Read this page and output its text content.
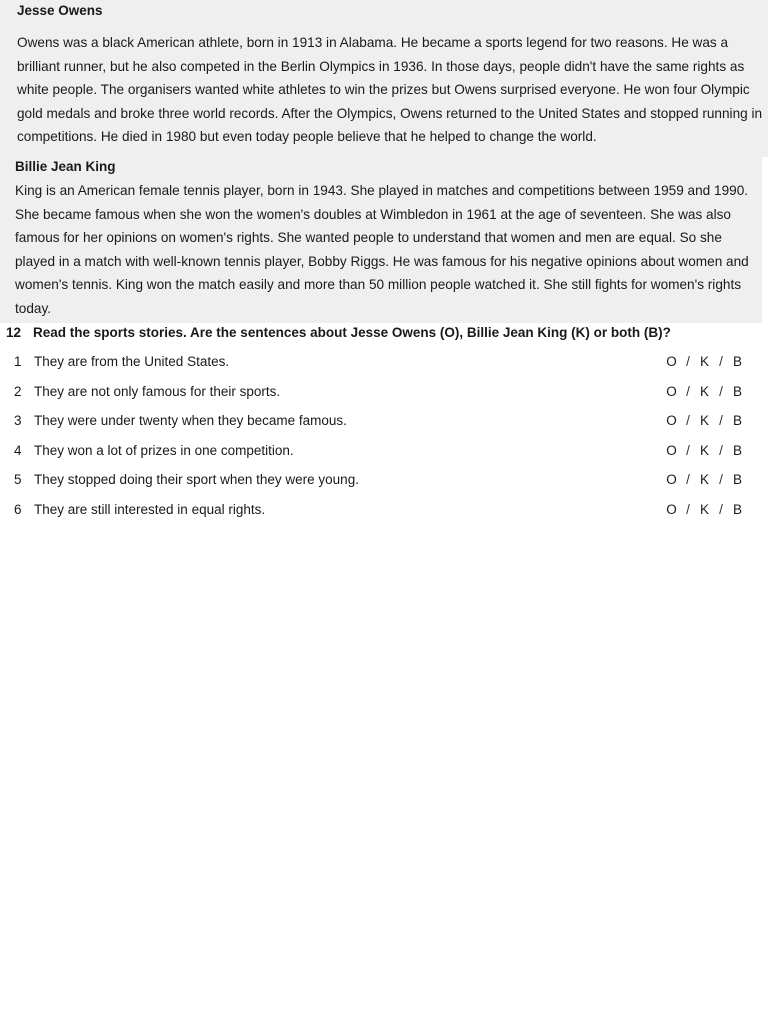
Jesse Owens

Owens was a black American athlete, born in 1913 in Alabama. He became a sports legend for two reasons. He was a brilliant runner, but he also competed in the Berlin Olympics in 1936. In those days, people didn't have the same rights as white people. The organisers wanted white athletes to win the prizes but Owens surprised everyone. He won four Olympic gold medals and broke three world records. After the Olympics, Owens returned to the United States and stopped running in competitions. He died in 1980 but even today people believe that he helped to change the world.

Billie Jean King

King is an American female tennis player, born in 1943. She played in matches and competitions between 1959 and 1990. She became famous when she won the women's doubles at Wimbledon in 1961 at the age of seventeen. She was also famous for her opinions on women's rights. She wanted people to understand that women and men are equal. So she played in a match with well-known tennis player, Bobby Riggs. He was famous for his negative opinions about women and women's tennis. King won the match easily and more than 50 million people watched it. She still fights for women's rights today.

12 Read the sports stories. Are the sentences about Jesse Owens (O), Billie Jean King (K) or both (B)?
1 They are from the United States.	O / K / B
2 They are not only famous for their sports.	O / K / B
3 They were under twenty when they became famous.	O / K / B
4 They won a lot of prizes in one competition.	O / K / B
5 They stopped doing their sport when they were young.	O / K / B
6 They are still interested in equal rights.	O / K / B
